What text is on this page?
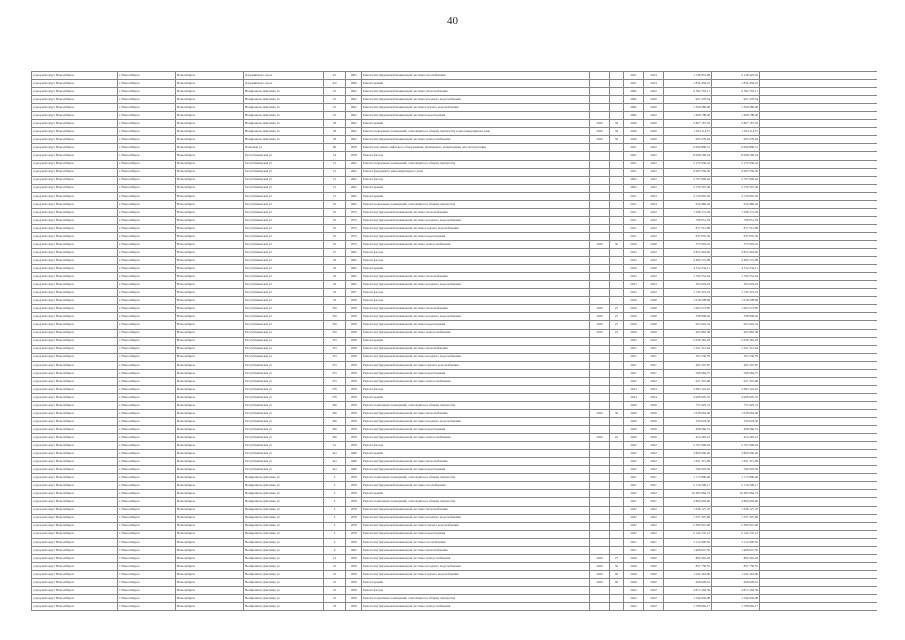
40
городской округ Новосибирск	г. Новосибирск	Новосибирск	Дзержинского пр-кт	4/1	1965	Ремонт внутридомовой инженерной системы газоснабжения			2021	2023	1 748 853,98	2 148 423,45	
городской округ Новосибирск	г. Новосибирск	Новосибирск	Дзержинского пр-кт	4/4	1969	Ремонт крыши			2021	2023	1 836 456,16	1 836 456,16	
городской округ Новосибирск	г. Новосибирск	Новосибирск	Немировича-Данченко ул	16	1962	Ремонт внутридомовой инженерной системы теплоснабжения			2002	2022	6 392 763,11	6 392 763,11	
городской округ Новосибирск	г. Новосибирск	Новосибирск	Немировича-Данченко ул	16	1962	Ремонт внутридомовой инженерной системы холодного водоснабжения			2002	2020	967 478,54	967 478,54	
городской округ Новосибирск	г. Новосибирск	Новосибирск	Немировича-Данченко ул	16	1962	Ремонт внутридомовой инженерной системы горячего водоснабжения			2002	2020	1 366 286,48	1 366 286,48	
городской округ Новосибирск	г. Новосибирск	Новосибирск	Немировича-Данченко ул	16	1962	Ремонт внутридомовой инженерной системы водоотведения			2002	2022	1 468 708,00	1 468 708,00	
городской округ Новосибирск	г. Новосибирск	Новосибирск	Немировича-Данченко ул	30	1962	Ремонт крыши	2020	30	2020	2020	5 867 167,03	5 867 167,03	
городской округ Новосибирск	г. Новосибирск	Новосибирск	Немировича-Данченко ул	30	1962	Ремонт подвальных помещений, относящихся к общему имуществу в многоквартирном доме	2020	30	2020	2020	1 304 114,37	1 304 114,37	
городской округ Новосибирск	г. Новосибирск	Новосибирск	Немировича-Данченко ул	30	1962	Ремонт внутридомовой инженерной системы электроснабжения	2020	50	2020	2020	605 278,94	605 278,94	
городской округ Новосибирск	г. Новосибирск	Новосибирск	Плановая ул	60	1958	Ремонт или замена лифтового оборудования, признанного непригодным для эксплуатации			2021	2022	9 690 880,72	9 690 880,72	
городской округ Новосибирск	г. Новосибирск	Новосибирск	Республиканская ул	14	1958	Ремонт фасада			2021	2022	8 068 209,43	8 068 209,43	
городской округ Новосибирск	г. Новосибирск	Новосибирск	Республиканская ул	15	1962	Ремонт подвальных помещений, относящихся к общему имуществу			2021	2022	2 179 436,42	2 179 436,42	
городской округ Новосибирск	г. Новосибирск	Новосибирск	Республиканская ул	15	1962	Ремонт фундамента многоквартирного дома			2021	2022	9 693 256,39	9 693 256,39	
городской округ Новосибирск	г. Новосибирск	Новосибирск	Республиканская ул	15	1962	Ремонт фасада			2002	2022	2 797 669,44	2 797 669,44	
городской округ Новосибирск	г. Новосибирск	Новосибирск	Республиканская ул	15	1962	Ремонт крыши			2002	2022	2 759 347,46	2 759 347,46	
городской округ Новосибирск	г. Новосибирск	Новосибирск	Республиканская ул	15	1962	Ремонт крыши			2021	2023	4 729 665,36	4 729 665,36	
городской округ Новосибирск	г. Новосибирск	Новосибирск	Республиканская ул	25	1962	Ремонт подвальных помещений, относящихся к общему имуществу			2021	2024	634 480,20	634 480,20	
городской округ Новосибирск	г. Новосибирск	Новосибирск	Республиканская ул	25	1970	Ремонт внутридомовой инженерной системы теплоснабжения			2021	2022	1 508 172,49	1 508 172,49	
городской округ Новосибирск	г. Новосибирск	Новосибирск	Республиканская ул	25	1970	Ремонт внутридомовой инженерной системы холодного водоснабжения			2021	2022	708 651,93	708 651,93	
городской округ Новосибирск	г. Новосибирск	Новосибирск	Республиканская ул	25	1970	Ремонт внутридомовой инженерной системы горячего водоснабжения			2021	2022	817 512,98	817 512,98	
городской округ Новосибирск	г. Новосибирск	Новосибирск	Республиканская ул	25	1970	Ремонт внутридомовой инженерной системы водоотведения			2021	2022	637 876,30	637 876,30	
городской округ Новосибирск	г. Новосибирск	Новосибирск	Республиканская ул	25	1970	Ремонт внутридомовой инженерной системы электроснабжения	2020	30	2020	2020	373 903,45	373 903,45	
городской округ Новосибирск	г. Новосибирск	Новосибирск	Республиканская ул	27	1962	Ремонт фасада			2022	2022	3 853 463,90	3 853 463,90	
городской округ Новосибирск	г. Новосибирск	Новосибирск	Республиканская ул	29	1962	Ремонт фасада			2022	2022	4 480 172,98	4 480 172,98	
городской округ Новосибирск	г. Новосибирск	Новосибирск	Республиканская ул	29	1962	Ремонт крыши			2020	2020	4 512 234,11	4 512 234,11	
городской округ Новосибирск	г. Новосибирск	Новосибирск	Республиканская ул	29	1962	Ремонт внутридомовой инженерной системы теплоснабжения			2022	2022	1 704 352,64	1 704 352,64	
городской округ Новосибирск	г. Новосибирск	Новосибирск	Республиканская ул	29	1962	Ремонт внутридомовой инженерной системы холодного водоснабжения			2023	2023	393 003,23	393 003,23	
городской округ Новосибирск	г. Новосибирск	Новосибирск	Республиканская ул	33	1957	Ремонт фасада			2022	2022	1 743 323,19	1 743 323,19	
городской округ Новосибирск	г. Новосибирск	Новосибирск	Республиканская ул	33	1958	Ремонт фасада			2020	2020	1 018 508,99	1 018 508,99	
городской округ Новосибирск	г. Новосибирск	Новосибирск	Республиканская ул	33а	1958	Ремонт внутридомовой инженерной системы теплоснабжения	2020	25	2020	2020	1 603 573,85	1 603 573,85	
городской округ Новосибирск	г. Новосибирск	Новосибирск	Республиканская ул	33а	1958	Ремонт внутридомовой инженерной системы холодного водоснабжения	2020	25	2020	2020	338 668,46	338 668,46	
городской округ Новосибирск	г. Новосибирск	Новосибирск	Республиканская ул	33а	1958	Ремонт внутридомовой инженерной системы водоотведения	2020	25	2020	2020	663 922,54	663 922,54	
городской округ Новосибирск	г. Новосибирск	Новосибирск	Республиканская ул	33а	1958	Ремонт внутридомовой инженерной системы электроснабжения	2020	25	2020	2020	465 983,38	465 983,38	
городской округ Новосибирск	г. Новосибирск	Новосибирск	Республиканская ул	37а	1958	Ремонт крыши			2022	2022	2 639 363,03	2 639 363,03	
городской округ Новосибирск	г. Новосибирск	Новосибирск	Республиканская ул	37а	1958	Ремонт внутридомовой инженерной системы теплоснабжения			2021	2021	1 341 313,44	1 341 313,44	
городской округ Новосибирск	г. Новосибирск	Новосибирск	Республиканская ул	37а	1958	Ремонт внутридомовой инженерной системы холодного водоснабжения			2021	2021	365 238,79	365 238,79	
городской округ Новосибирск	г. Новосибирск	Новосибирск	Республиканская ул	37а	1958	Ремонт внутридомовой инженерной системы горячего водоснабжения			2021	2021	492 310,87	492 310,87	
городской округ Новосибирск	г. Новосибирск	Новосибирск	Республиканская ул	37а	1958	Ремонт внутридомовой инженерной системы водоотведения			2021	2021	508 084,75	508 084,75	
городской округ Новосибирск	г. Новосибирск	Новосибирск	Республиканская ул	37а	1958	Ремонт внутридомовой инженерной системы электроснабжения			2022	2022	627 316,96	627 316,96	
городской округ Новосибирск	г. Новосибирск	Новосибирск	Республиканская ул	37б	1958	Ремонт фасада			2023	2023	2 993 119,02	2 993 119,02	
городской округ Новосибирск	г. Новосибирск	Новосибирск	Республиканская ул	37б	1958	Ремонт крыши			2024	2024	4 908 605,33	4 908 605,33	
городской округ Новосибирск	г. Новосибирск	Новосибирск	Республиканская ул	39а	1958	Ремонт подвальных помещений, относящихся к общему имуществу			2020	2020	753 493,74	753 493,74	
городской округ Новосибирск	г. Новосибирск	Новосибирск	Республиканская ул	39а	1958	Ремонт внутридомовой инженерной системы теплоснабжения	2020	30	2020	2020	1 038 663,06	1 038 663,06	
городской округ Новосибирск	г. Новосибирск	Новосибирск	Республиканская ул	39а	1958	Ремонт внутридомовой инженерной системы холодного водоснабжения			2020	2020	330 618,36	330 618,36	
городской округ Новосибирск	г. Новосибирск	Новосибирск	Республиканская ул	39а	1958	Ремонт внутридомовой инженерной системы водоотведения			2020	2020	498 666,74	498 666,74	
городской округ Новосибирск	г. Новосибирск	Новосибирск	Республиканская ул	39а	1958	Ремонт внутридомовой инженерной системы электроснабжения	2020	25	2020	2020	454 493,21	454 493,21	
городской округ Новосибирск	г. Новосибирск	Новосибирск	Республиканская ул	41	1958	Ремонт фасада			2022	2022	2 797 668,44	2 797 668,44	
городской округ Новосибирск	г. Новосибирск	Новосибирск	Республиканская ул	41а	1968	Ремонт крыши			2022	2022	3 869 666,29	3 869 666,29	
городской округ Новосибирск	г. Новосибирск	Новосибирск	Республиканская ул	41а	1968	Ремонт внутридомовой инженерной системы теплоснабжения			2022	2022	1 291 315,09	1 291 315,09	
городской округ Новосибирск	г. Новосибирск	Новосибирск	Республиканская ул	41а	1968	Ремонт внутридомовой инженерной системы водоотведения			2022	2022	599 003,39	599 003,39	
городской округ Новосибирск	г. Новосибирск	Новосибирск	Немировича-Данченко ул	2	1958	Ремонт подвальных помещений, относящихся к общему имуществу			2021	2021	1 713 800,90	1 713 800,90	
городской округ Новосибирск	г. Новосибирск	Новосибирск	Немировича-Данченко ул	2	1958	Ремонт внутридомовой инженерной системы газоснабжения			2021	2021	2 116 208,17	2 116 208,17	
городской округ Новосибирск	г. Новосибирск	Новосибирск	Немировича-Данченко ул	2	1958	Ремонт крыши			2022	2022	10 483 984,74	10 483 984,74	
городской округ Новосибирск	г. Новосибирск	Новосибирск	Немировича-Данченко ул	4	1958	Ремонт подвальных помещений, относящихся к общему имуществу			2021	2021	2 860 694,96	2 860 694,96	
городской округ Новосибирск	г. Новосибирск	Новосибирск	Немировича-Данченко ул	4	1958	Ремонт внутридомовой инженерной системы теплоснабжения			2022	2022	1 598 127,78	1 598 127,78	
городской округ Новосибирск	г. Новосибирск	Новосибирск	Немировича-Данченко ул	4	1958	Ремонт внутридомовой инженерной системы холодного водоснабжения			2022	2022	1 357 207,89	1 357 207,89	
городской округ Новосибирск	г. Новосибирск	Новосибирск	Немировича-Данченко ул	4	1958	Ремонт внутридомовой инженерной системы горячего водоснабжения			2022	2022	2 380 910,90	2 380 910,90	
городской округ Новосибирск	г. Новосибирск	Новосибирск	Немировича-Данченко ул	4	1958	Ремонт внутридомовой инженерной системы водоотведения			2022	2022	2 144 176,12	2 144 176,12	
городской округ Новосибирск	г. Новосибирск	Новосибирск	Немировича-Данченко ул	4	1958	Ремонт внутридомовой инженерной системы газоснабжения			2021	2021	2 112 900,30	2 112 900,30	
городской округ Новосибирск	г. Новосибирск	Новосибирск	Немировича-Данченко ул	6	1962	Ремонт внутридомовой инженерной системы теплоснабжения			2021	2021	1 408 647,35	1 408 647,35	
городской округ Новосибирск	г. Новосибирск	Новосибирск	Немировича-Данченко ул	12	1958	Ремонт внутридомовой инженерной системы электроснабжения	2020	27	2020	2020	896 392,29	896 392,29	
городской округ Новосибирск	г. Новосибирск	Новосибирск	Немировича-Данченко ул	16	1958	Ремонт внутридомовой инженерной системы холодного водоснабжения	2020	50	2020	2020	837 758,55	837 758,55	
городской округ Новосибирск	г. Новосибирск	Новосибирск	Немировича-Данченко ул	16	1958	Ремонт внутридомовой инженерной системы горячего водоснабжения	2020	40	2020	2020	1 542 263,96	1 542 263,96	
городской округ Новосибирск	г. Новосибирск	Новосибирск	Немировича-Данченко ул	16	1958	Ремонт крыши	2020	40	2020	2020	608 649,41	608 649,41	
городской округ Новосибирск	г. Новосибирск	Новосибирск	Немировича-Данченко ул	16	1958	Ремонт фасада			2022	2022	4 817 204,30	4 817 204,30	
городской округ Новосибирск	г. Новосибирск	Новосибирск	Немировича-Данченко ул	16	1958	Ремонт подвальных помещений, относящихся к общему имуществу			2022	2022	1 346 659,08	1 346 659,08	
городской округ Новосибирск	г. Новосибирск	Новосибирск	Немировича-Данченко ул	18	1958	Ремонт внутридомовой инженерной системы электроснабжения			2022	2022	1 798 902,17	1 798 902,17	
